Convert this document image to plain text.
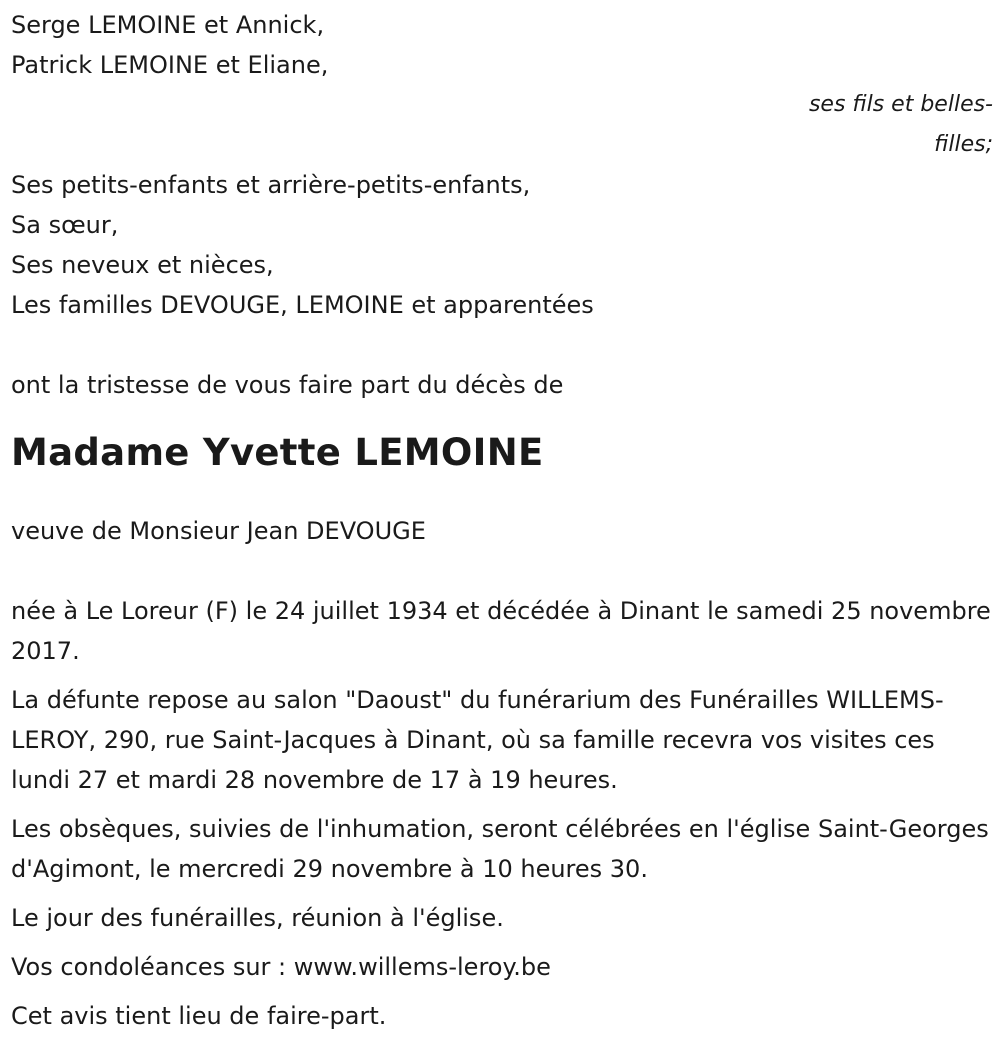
Serge LEMOINE et Annick,

Patrick LEMOINE et Eliane,

ses fils et belles-
filles;

Ses petits-enfants et arrière-petits-enfants,

Sa sœur,

Ses neveux et nièces,

Les familles DEVOUGE, LEMOINE et apparentées

ont la tristesse de vous faire part du décès de

Madame Yvette LEMOINE

veuve de Monsieur Jean DEVOUGE

née à Le Loreur (F) le 24 juillet 1934 et décédée à Dinant le samedi 25 novembre 2017.

La défunte repose au salon "Daoust" du funérarium des Funérailles WILLEMS-LEROY, 290, rue Saint-Jacques à Dinant, où sa famille recevra vos visites ces lundi 27 et mardi 28 novembre de 17 à 19 heures.

Les obsèques, suivies de l'inhumation, seront célébrées en l'église Saint-Georges d'Agimont, le mercredi 29 novembre à 10 heures 30.

Le jour des funérailles, réunion à l'église.

Vos condoléances sur : www.willems-leroy.be

Cet avis tient lieu de faire-part.
